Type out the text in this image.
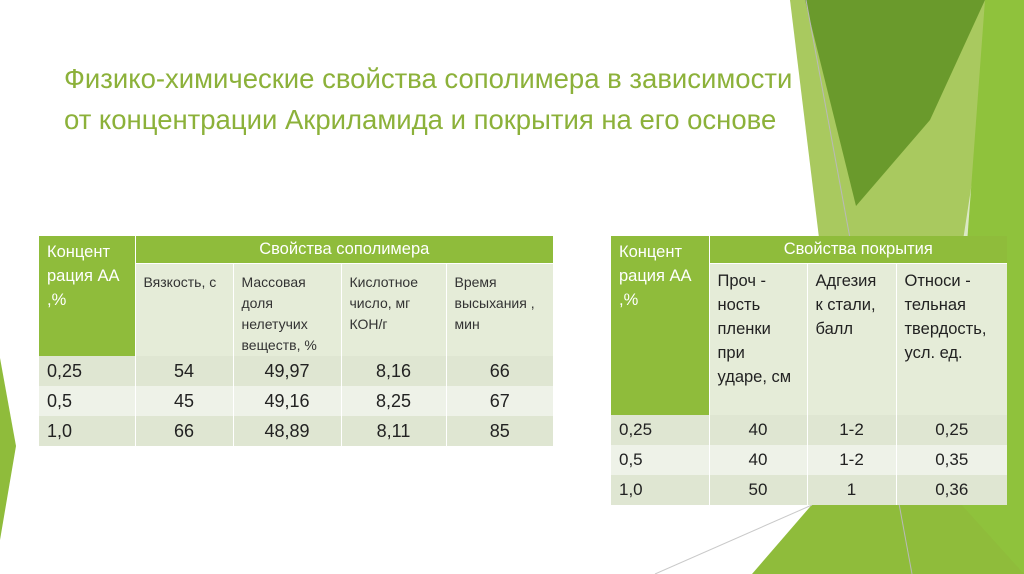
Физико-химические свойства сополимера в зависимости от концентрации Акриламида и покрытия на его основе
Концент рация АА ,%	Свойства сополимера			
	Вязкость, с	Массовая доля нелетучих веществ, %	Кислотное число, мг КОН/г	Время высыхания , мин
0,25	54	49,97	8,16	66
0,5	45	49,16	8,25	67
1,0	66	48,89	8,11	85
Концент рация АА ,%	Свойства покрытия		
	Проч - ность пленки при ударе, см	Адгезия к стали, балл	Относи - тельная твердость, усл. ед.
0,25	40	1-2	0,25
0,5	40	1-2	0,35
1,0	50	1	0,36
